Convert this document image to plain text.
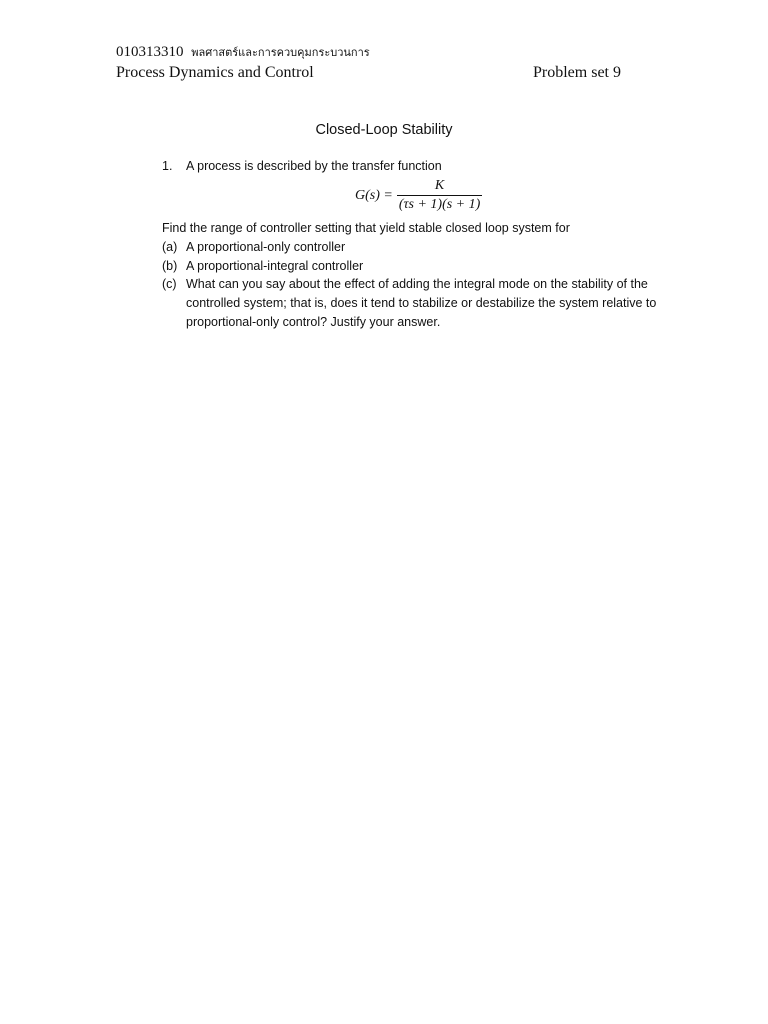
010313310 พลศาสตร์และการควบคุมกระบวนการ
Process Dynamics and Control	Problem set 9
Closed-Loop Stability
1.	A process is described by the transfer function
$G(s) = \frac{K}{(\tau s + 1)(s + 1)}$
Find the range of controller setting that yield stable closed loop system for
(a) A proportional-only controller
(b) A proportional-integral controller
(c) What can you say about the effect of adding the integral mode on the stability of the controlled system; that is, does it tend to stabilize or destabilize the system relative to proportional-only control? Justify your answer.
